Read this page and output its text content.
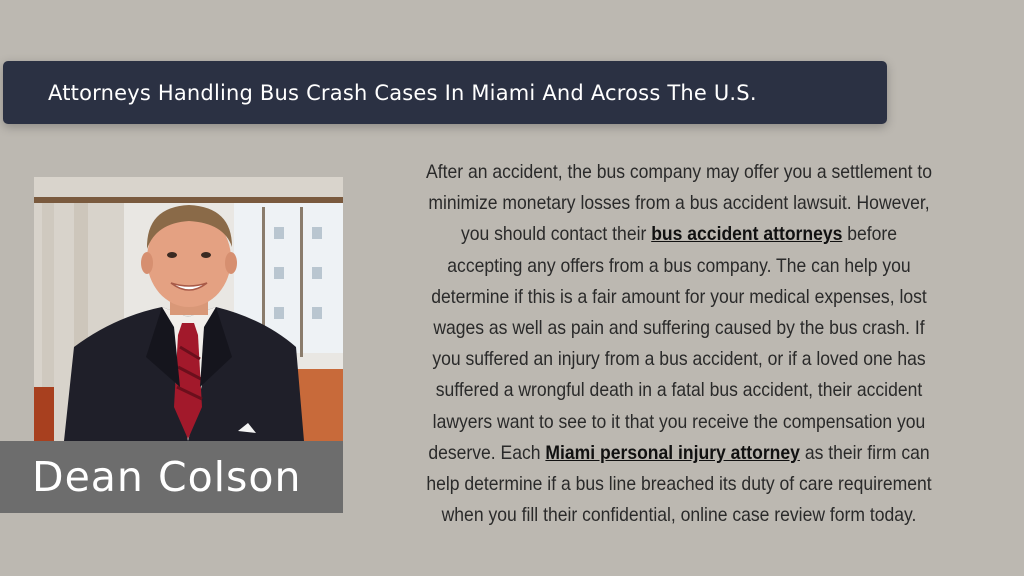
Attorneys Handling Bus Crash Cases In Miami And Across The U.S.
Dean Colson
After an accident, the bus company may offer you a settlement to minimize monetary losses from a bus accident lawsuit. However, you should contact their bus accident attorneys before accepting any offers from a bus company. The can help you determine if this is a fair amount for your medical expenses, lost wages as well as pain and suffering caused by the bus crash. If you suffered an injury from a bus accident, or if a loved one has suffered a wrongful death in a fatal bus accident, their accident lawyers want to see to it that you receive the compensation you deserve. Each Miami personal injury attorney as their firm can help determine if a bus line breached its duty of care requirement when you fill their confidential, online case review form today.
